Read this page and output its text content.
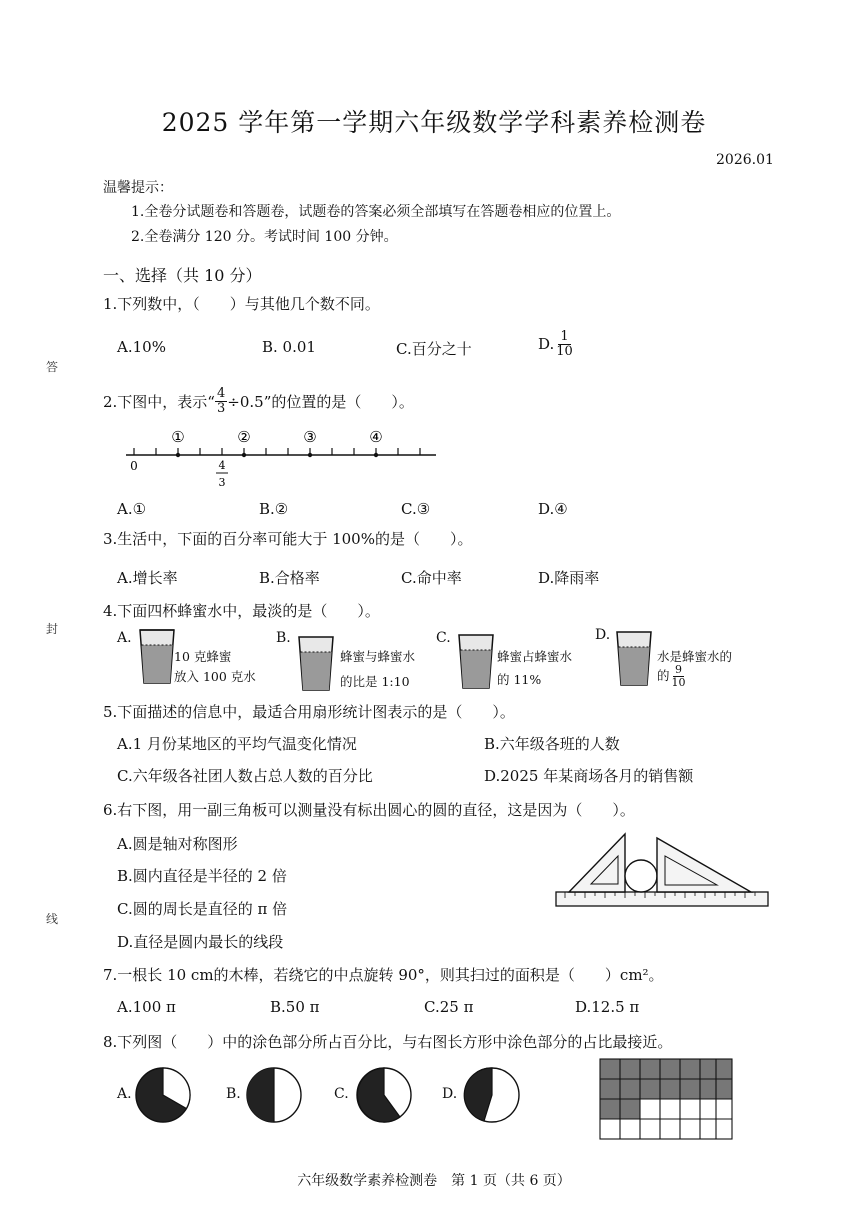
2025 学年第一学期六年级数学学科素养检测卷
2026.01
温馨提示：
1.全卷分试题卷和答题卷，试题卷的答案必须全部填写在答题卷相应的位置上。
2.全卷满分 120 分。考试时间 100 分钟。
答
封
线
一、选择（共 10 分）
1.下列数中，（　　）与其他几个数不同。
A.10%	B. 0.01	C.百分之十	D. $\frac{1}{10}$
2.下图中，表示“ $\frac{4}{3} \div 0.5$”的位置的是（　　）。
①	②	③	④
0	4
3
A.①	B.②	C.③	D.④
3.生活中，下面的百分率可能大于 100%的是（　　）。
A.增长率	B.合格率	C.命中率	D.降雨率
4.下面四杯蜂蜜水中，最淡的是（　　）。
A.
10 克蜂蜜
放入 100 克水
B.
蜂蜜与蜂蜜水
的比是 1:10
C.
蜂蜜占蜂蜜水
的 11%
D.
水是蜂蜜水的
的 $\frac{9}{10}$
5.下面描述的信息中，最适合用扇形统计图表示的是（　　）。
A.1 月份某地区的平均气温变化情况	B.六年级各班的人数
C.六年级各社团人数占总人数的百分比	D.2025 年某商场各月的销售额
6.右下图，用一副三角板可以测量没有标出圆心的圆的直径，这是因为（　　）。
A.圆是轴对称图形
B.圆内直径是半径的 2 倍
C.圆的周长是直径的 π 倍
D.直径是圆内最长的线段
7.一根长 10 cm的木棒，若绕它的中点旋转 90°，则其扫过的面积是（　　）cm²。
A.100 π	B.50 π	C.25 π	D.12.5 π
8.下列图（　　）中的涂色部分所占百分比，与右图长方形中涂色部分的占比最接近。
A.	B.	C.	D.
六年级数学素养检测卷　第 1 页（共 6 页）
